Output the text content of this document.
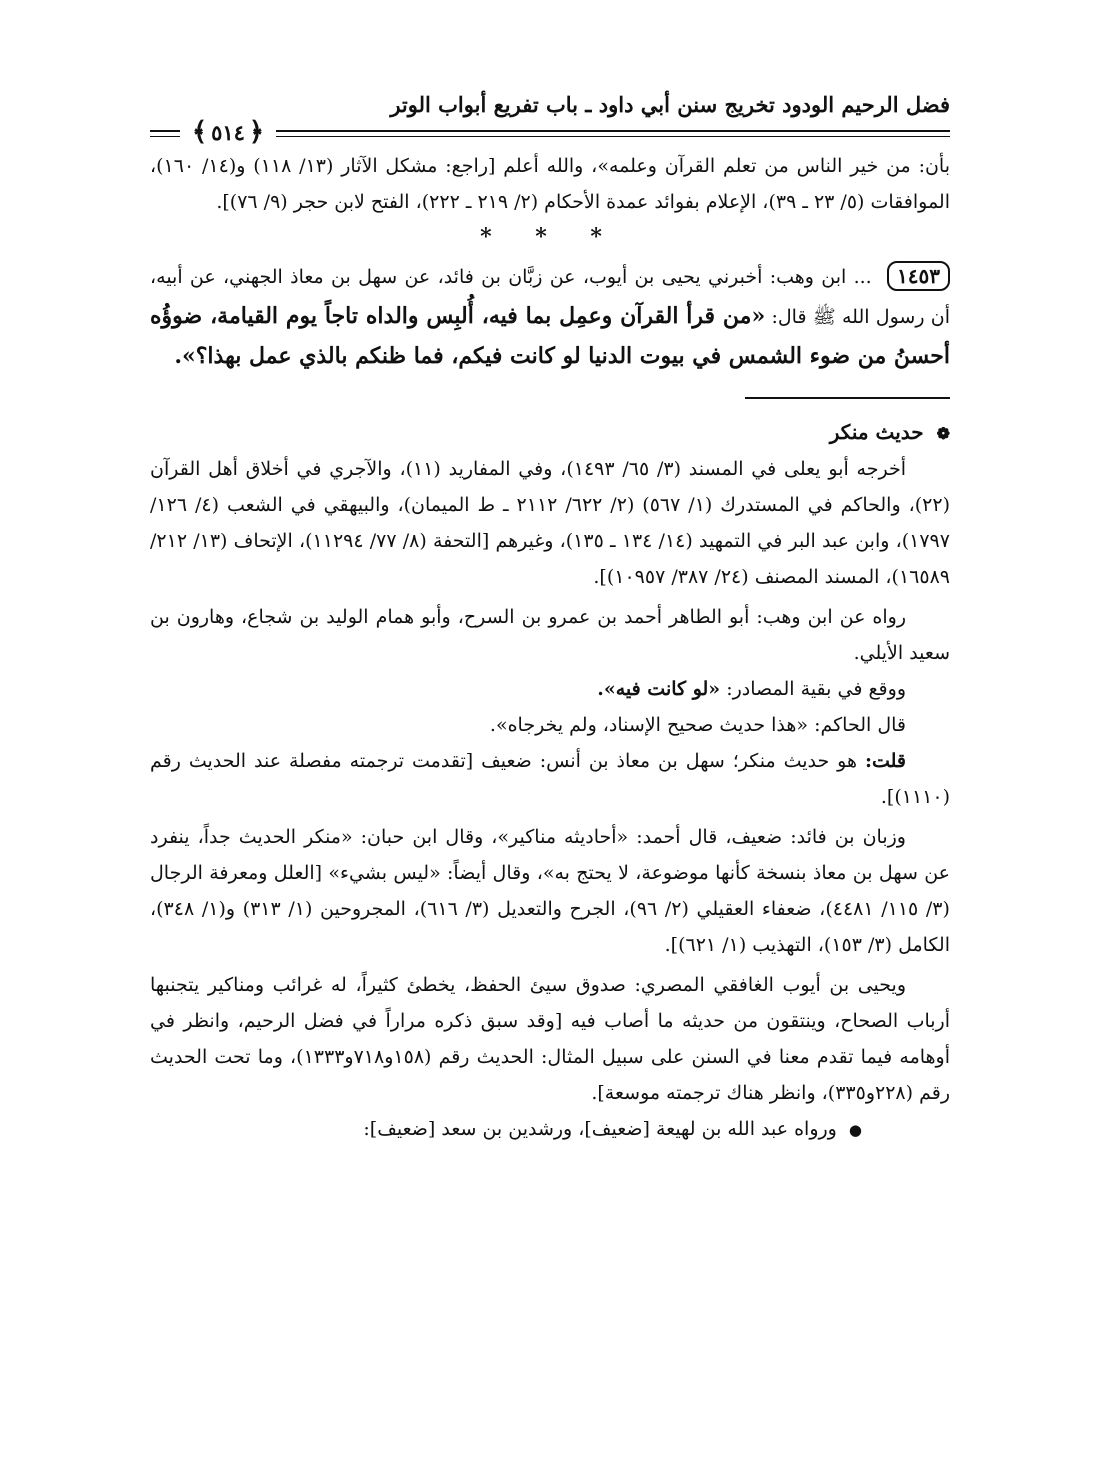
فضل الرحيم الودود تخريج سنن أبي داود ـ باب تفريع أبواب الوتر
﴿
٥١٤
﴾

بأن: من خير الناس من تعلم القرآن وعلمه»، والله أعلم [راجع: مشكل الآثار (١٣/ ١١٨) و(١٤/ ١٦٠)، الموافقات (٥/ ٢٣ ـ ٣٩)، الإعلام بفوائد عمدة الأحكام (٢/ ٢١٩ ـ ٢٢٢)، الفتح لابن حجر (٩/ ٧٦)].

* * *

١٤٥٣ ... ابن وهب: أخبرني يحيى بن أيوب، عن زبَّان بن فائد، عن سهل بن معاذ الجهني، عن أبيه، أن رسول الله ﷺ قال: «من قرأ القرآن وعمِل بما فيه، أُلبِس والداه تاجاً يوم القيامة، ضوؤُه أحسنُ من ضوء الشمس في بيوت الدنيا لو كانت فيكم، فما ظنكم بالذي عمل بهذا؟».

❁ حديث منكر

أخرجه أبو يعلى في المسند (٣/ ٦٥/ ١٤٩٣)، وفي المفاريد (١١)، والآجري في أخلاق أهل القرآن (٢٢)، والحاكم في المستدرك (١/ ٥٦٧) (٢/ ٦٢٢/ ٢١١٢ ـ ط الميمان)، والبيهقي في الشعب (٤/ ١٢٦/ ١٧٩٧)، وابن عبد البر في التمهيد (١٤/ ١٣٤ ـ ١٣٥)، وغيرهم [التحفة (٨/ ٧٧/ ١١٢٩٤)، الإتحاف (١٣/ ٢١٢/ ١٦٥٨٩)، المسند المصنف (٢٤/ ٣٨٧/ ١٠٩٥٧)].

رواه عن ابن وهب: أبو الطاهر أحمد بن عمرو بن السرح، وأبو همام الوليد بن شجاع، وهارون بن سعيد الأيلي.

ووقع في بقية المصادر: «لو كانت فيه».

قال الحاكم: «هذا حديث صحيح الإسناد، ولم يخرجاه».

قلت: هو حديث منكر؛ سهل بن معاذ بن أنس: ضعيف [تقدمت ترجمته مفصلة عند الحديث رقم (١١١٠)].

وزبان بن فائد: ضعيف، قال أحمد: «أحاديثه مناكير»، وقال ابن حبان: «منكر الحديث جداً، ينفرد عن سهل بن معاذ بنسخة كأنها موضوعة، لا يحتج به»، وقال أيضاً: «ليس بشيء» [العلل ومعرفة الرجال (٣/ ١١٥/ ٤٤٨١)، ضعفاء العقيلي (٢/ ٩٦)، الجرح والتعديل (٣/ ٦١٦)، المجروحين (١/ ٣١٣) و(١/ ٣٤٨)، الكامل (٣/ ١٥٣)، التهذيب (١/ ٦٢١)].

ويحيى بن أيوب الغافقي المصري: صدوق سيئ الحفظ، يخطئ كثيراً، له غرائب ومناكير يتجنبها أرباب الصحاح، وينتقون من حديثه ما أصاب فيه [وقد سبق ذكره مراراً في فضل الرحيم، وانظر في أوهامه فيما تقدم معنا في السنن على سبيل المثال: الحديث رقم (١٥٨و٧١٨و١٣٣٣)، وما تحت الحديث رقم (٢٢٨و٣٣٥)، وانظر هناك ترجمته موسعة].

● ورواه عبد الله بن لهيعة [ضعيف]، ورشدين بن سعد [ضعيف]:
